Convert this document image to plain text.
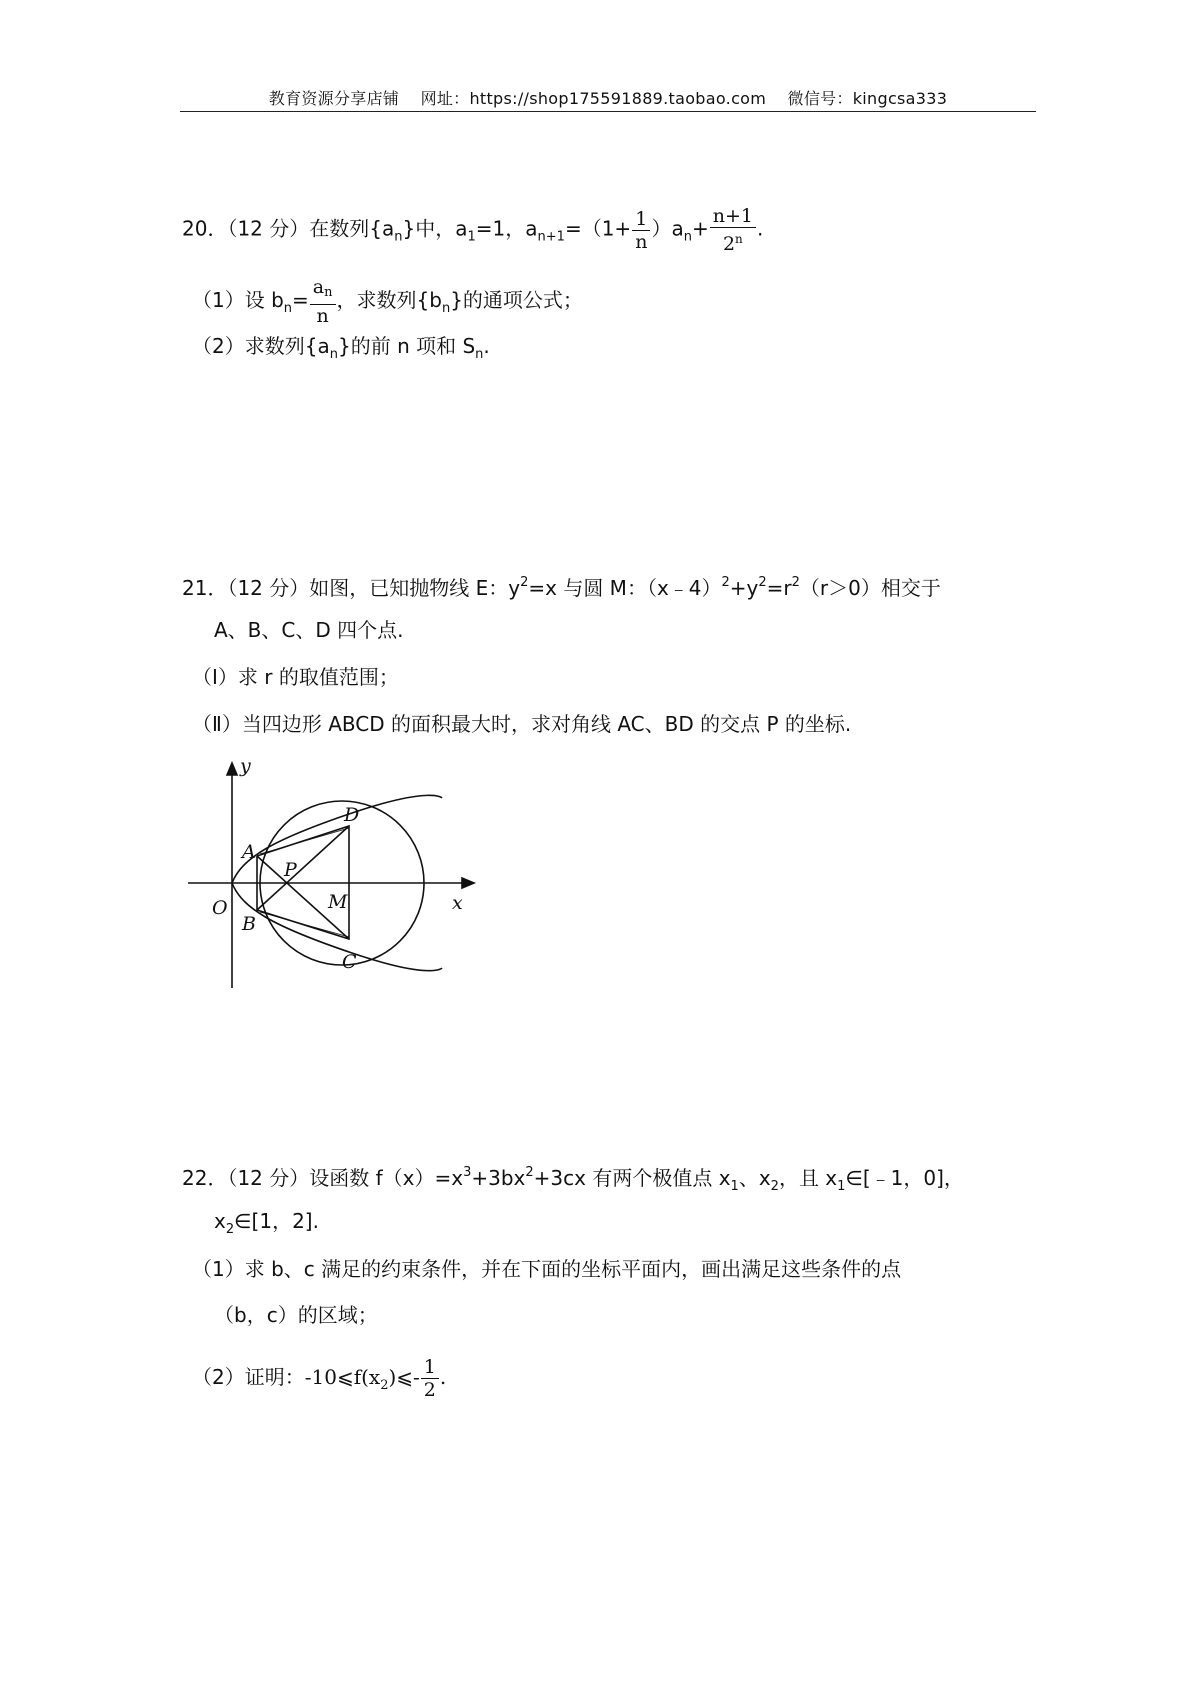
教育资源分享店铺 网址：https://shop175591889.taobao.com 微信号：kingcsa333
20．（12 分）在数列$\{a_n\}$中，$a_1=1$，$a_{n+1}=(1+ \frac{1}{n} )a_n+ \frac{n+1}{2^n}$ .
（1）设 $b_n= \frac{an}{n}$ ，求数列$\{b_n\}$的通项公式；
（2）求数列$\{a_n\}$的前 n 项和 $S_n$.
21．（12 分）如图，已知抛物线 E：$y^2=x$ 与圆 M：$(x﹣4)^2+y^2=r^2(r>0)$相交于
A、B、C、D 四个点.
（Ⅰ）求 r 的取值范围；
（Ⅱ）当四边形 ABCD 的面积最大时，求对角线 AC、BD 的交点 P 的坐标.
y
x
O
A
B
C
D
P
M
22．（12 分）设函数 $f(x)=x^3+3bx^2+3cx$ 有两个极值点 $x_1$、$x_2$，且 $x_1\in[﹣1$，0]，
$x_2\in[1$，2].
（1）求 b、c 满足的约束条件，并在下面的坐标平面内，画出满足这些条件的点
（b，c）的区域；
（2）证明：$-10⩽f(x_2)⩽- \frac{1}{2}$ .
